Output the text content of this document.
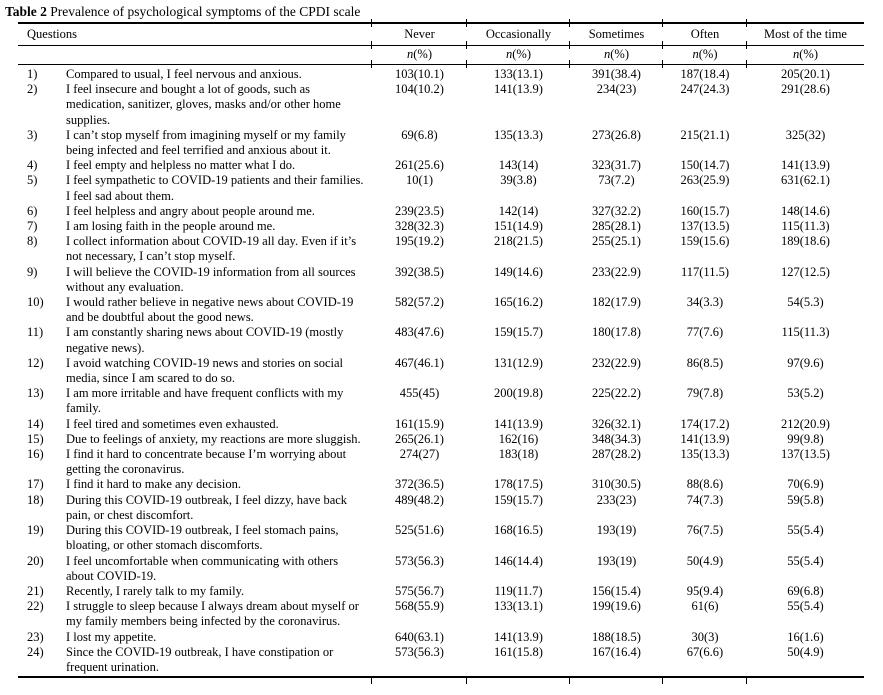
Table 2 Prevalence of psychological symptoms of the CPDI scale
Questions	Never	Occasionally	Sometimes	Often	Most of the time
	n(%)	n(%)	n(%)	n(%)	n(%)

1) Compared to usual, I feel nervous and anxious.	103(10.1)	133(13.1)	391(38.4)	187(18.4)	205(20.1)

2) I feel insecure and bought a lot of goods, such as medication, sanitizer, gloves, masks and/or other home supplies.	104(10.2)	141(13.9)	234(23)	247(24.3)	291(28.6)

3) I can’t stop myself from imagining myself or my family being infected and feel terrified and anxious about it.	69(6.8)	135(13.3)	273(26.8)	215(21.1)	325(32)

4) I feel empty and helpless no matter what I do.	261(25.6)	143(14)	323(31.7)	150(14.7)	141(13.9)

5) I feel sympathetic to COVID-19 patients and their families. I feel sad about them.	10(1)	39(3.8)	73(7.2)	263(25.9)	631(62.1)

6) I feel helpless and angry about people around me.	239(23.5)	142(14)	327(32.2)	160(15.7)	148(14.6)

7) I am losing faith in the people around me.	328(32.3)	151(14.9)	285(28.1)	137(13.5)	115(11.3)

8) I collect information about COVID-19 all day. Even if it’s not necessary, I can’t stop myself.	195(19.2)	218(21.5)	255(25.1)	159(15.6)	189(18.6)

9) I will believe the COVID-19 information from all sources without any evaluation.	392(38.5)	149(14.6)	233(22.9)	117(11.5)	127(12.5)

10) I would rather believe in negative news about COVID-19 and be doubtful about the good news.	582(57.2)	165(16.2)	182(17.9)	34(3.3)	54(5.3)

11) I am constantly sharing news about COVID-19 (mostly negative news).	483(47.6)	159(15.7)	180(17.8)	77(7.6)	115(11.3)

12) I avoid watching COVID-19 news and stories on social media, since I am scared to do so.	467(46.1)	131(12.9)	232(22.9)	86(8.5)	97(9.6)

13) I am more irritable and have frequent conflicts with my family.	455(45)	200(19.8)	225(22.2)	79(7.8)	53(5.2)

14) I feel tired and sometimes even exhausted.	161(15.9)	141(13.9)	326(32.1)	174(17.2)	212(20.9)

15) Due to feelings of anxiety, my reactions are more sluggish.	265(26.1)	162(16)	348(34.3)	141(13.9)	99(9.8)

16) I find it hard to concentrate because I’m worrying about getting the coronavirus.	274(27)	183(18)	287(28.2)	135(13.3)	137(13.5)

17) I find it hard to make any decision.	372(36.5)	178(17.5)	310(30.5)	88(8.6)	70(6.9)

18) During this COVID-19 outbreak, I feel dizzy, have back pain, or chest discomfort.	489(48.2)	159(15.7)	233(23)	74(7.3)	59(5.8)

19) During this COVID-19 outbreak, I feel stomach pains, bloating, or other stomach discomforts.	525(51.6)	168(16.5)	193(19)	76(7.5)	55(5.4)

20) I feel uncomfortable when communicating with others about COVID-19.	573(56.3)	146(14.4)	193(19)	50(4.9)	55(5.4)

21) Recently, I rarely talk to my family.	575(56.7)	119(11.7)	156(15.4)	95(9.4)	69(6.8)

22) I struggle to sleep because I always dream about myself or my family members being infected by the coronavirus.	568(55.9)	133(13.1)	199(19.6)	61(6)	55(5.4)

23) I lost my appetite.	640(63.1)	141(13.9)	188(18.5)	30(3)	16(1.6)

24) Since the COVID-19 outbreak, I have constipation or frequent urination.	573(56.3)	161(15.8)	167(16.4)	67(6.6)	50(4.9)
